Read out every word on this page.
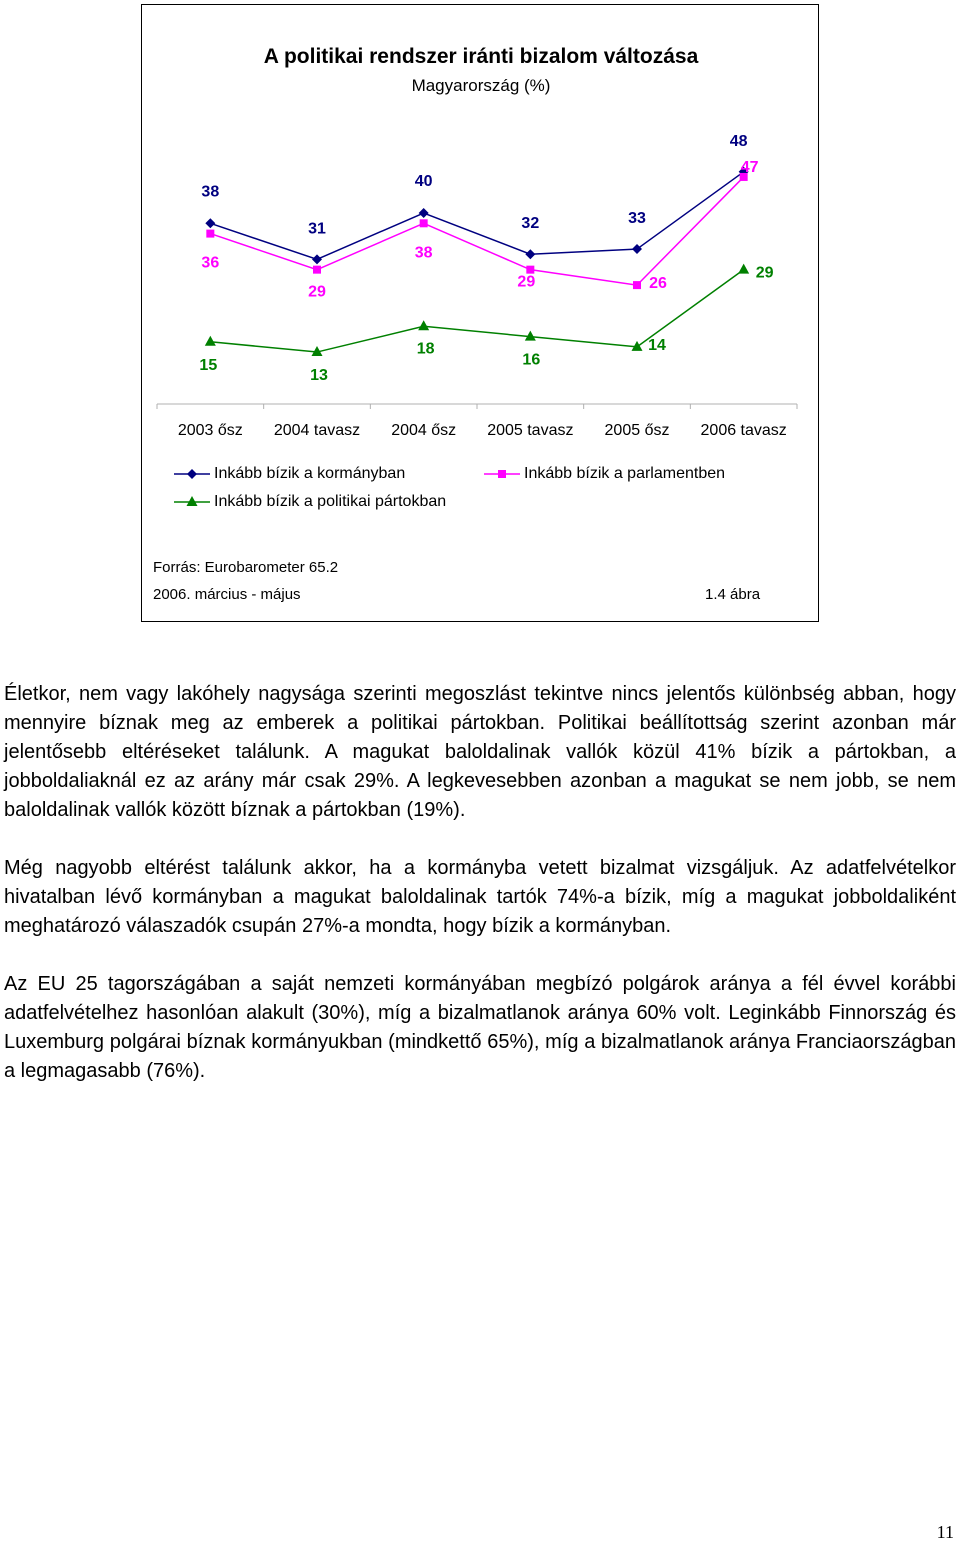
A politikai rendszer iránti bizalom változása
Magyarország (%)
2003 ősz 2004 tavasz 2004 ősz 2005 tavasz 2005 ősz 2006 tavasz
38
31
40
32	33
48
36
29
38
29	26
47
15
13
18
16
14
29
Inkább bízik a kormányban	Inkább bízik a parlamentben
Inkább bízik a politikai pártokban
Forrás: Eurobarometer 65.2
2006. március - május	1.4 ábra

Életkor, nem vagy lakóhely nagysága szerinti megoszlást tekintve nincs jelentős különbség abban, hogy mennyire bíznak meg az emberek a politikai pártokban. Politikai beállítottság szerint azonban már jelentősebb eltéréseket találunk. A magukat baloldalinak vallók közül 41% bízik a pártokban, a jobboldaliaknál ez az arány már csak 29%. A legkevesebben azonban a magukat se nem jobb, se nem baloldalinak vallók között bíznak a pártokban (19%).

Még nagyobb eltérést találunk akkor, ha a kormányba vetett bizalmat vizsgáljuk. Az adatfelvételkor hivatalban lévő kormányban a magukat baloldalinak tartók 74%-a bízik, míg a magukat jobboldaliként meghatározó válaszadók csupán 27%-a mondta, hogy bízik a kormányban.

Az EU 25 tagországában a saját nemzeti kormányában megbízó polgárok aránya a fél évvel korábbi adatfelvételhez hasonlóan alakult (30%), míg a bizalmatlanok aránya 60% volt. Leginkább Finnország és Luxemburg polgárai bíznak kormányukban (mindkettő 65%), míg a bizalmatlanok aránya Franciaországban a legmagasabb (76%).

11
